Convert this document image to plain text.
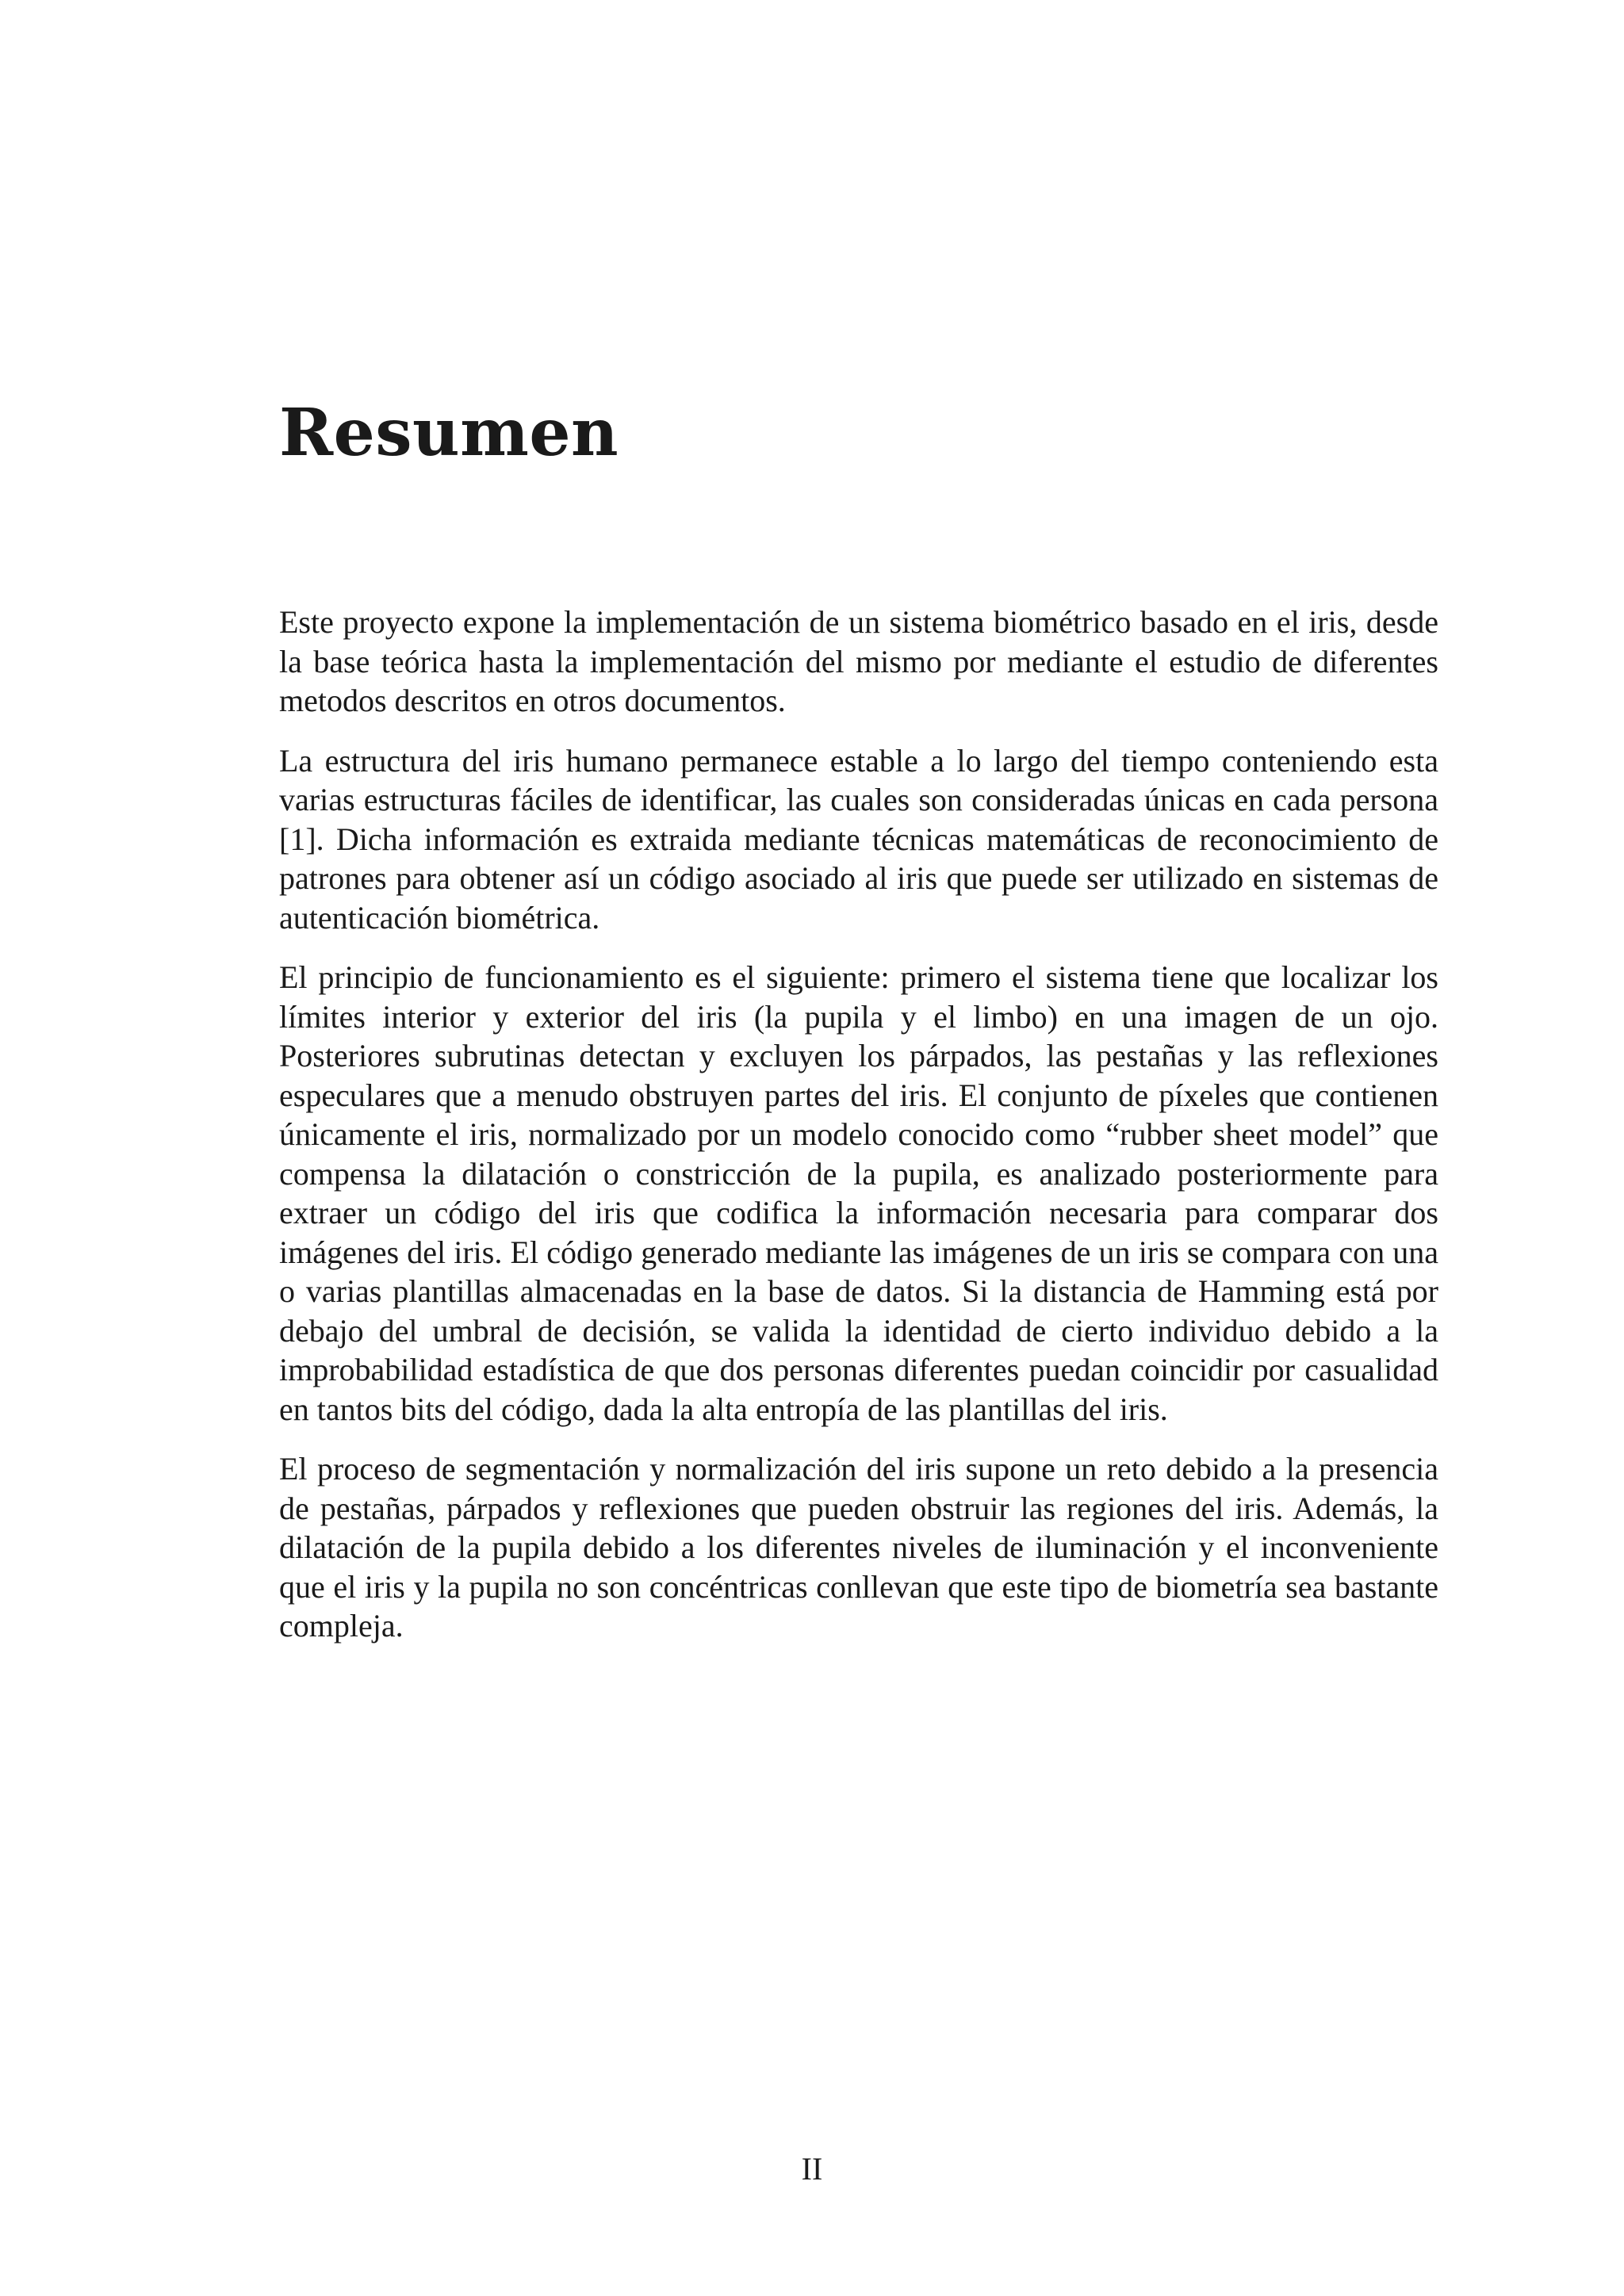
Resumen

Este proyecto expone la implementación de un sistema biométrico basado en el iris, desde la base teórica hasta la implementación del mismo por mediante el estudio de diferentes metodos descritos en otros documentos.

La estructura del iris humano permanece estable a lo largo del tiempo conteniendo esta varias estructuras fáciles de identificar, las cuales son consideradas únicas en cada persona [1]. Dicha información es extraida mediante técnicas matemáticas de reconocimiento de patrones para obtener así un código asociado al iris que puede ser utilizado en sistemas de autenticación biométrica.

El principio de funcionamiento es el siguiente: primero el sistema tiene que localizar los límites interior y exterior del iris (la pupila y el limbo) en una imagen de un ojo. Posteriores subrutinas detectan y excluyen los párpados, las pestañas y las reflexiones especulares que a menudo obstruyen partes del iris. El conjunto de píxeles que contienen únicamente el iris, normalizado por un modelo conocido como “rubber sheet model” que compensa la dilatación o constricción de la pupila, es analizado posteriormente para extraer un código del iris que codifica la información necesaria para comparar dos imágenes del iris. El código generado mediante las imágenes de un iris se compara con una o varias plantillas almacenadas en la base de datos. Si la distancia de Hamming está por debajo del umbral de decisión, se valida la identidad de cierto individuo debido a la improbabilidad estadística de que dos personas diferentes puedan coincidir por casualidad en tantos bits del código, dada la alta entropía de las plantillas del iris.

El proceso de segmentación y normalización del iris supone un reto debido a la presencia de pestañas, párpados y reflexiones que pueden obstruir las regiones del iris. Además, la dilatación de la pupila debido a los diferentes niveles de iluminación y el inconveniente que el iris y la pupila no son concéntricas conllevan que este tipo de biometría sea bastante compleja.

II
